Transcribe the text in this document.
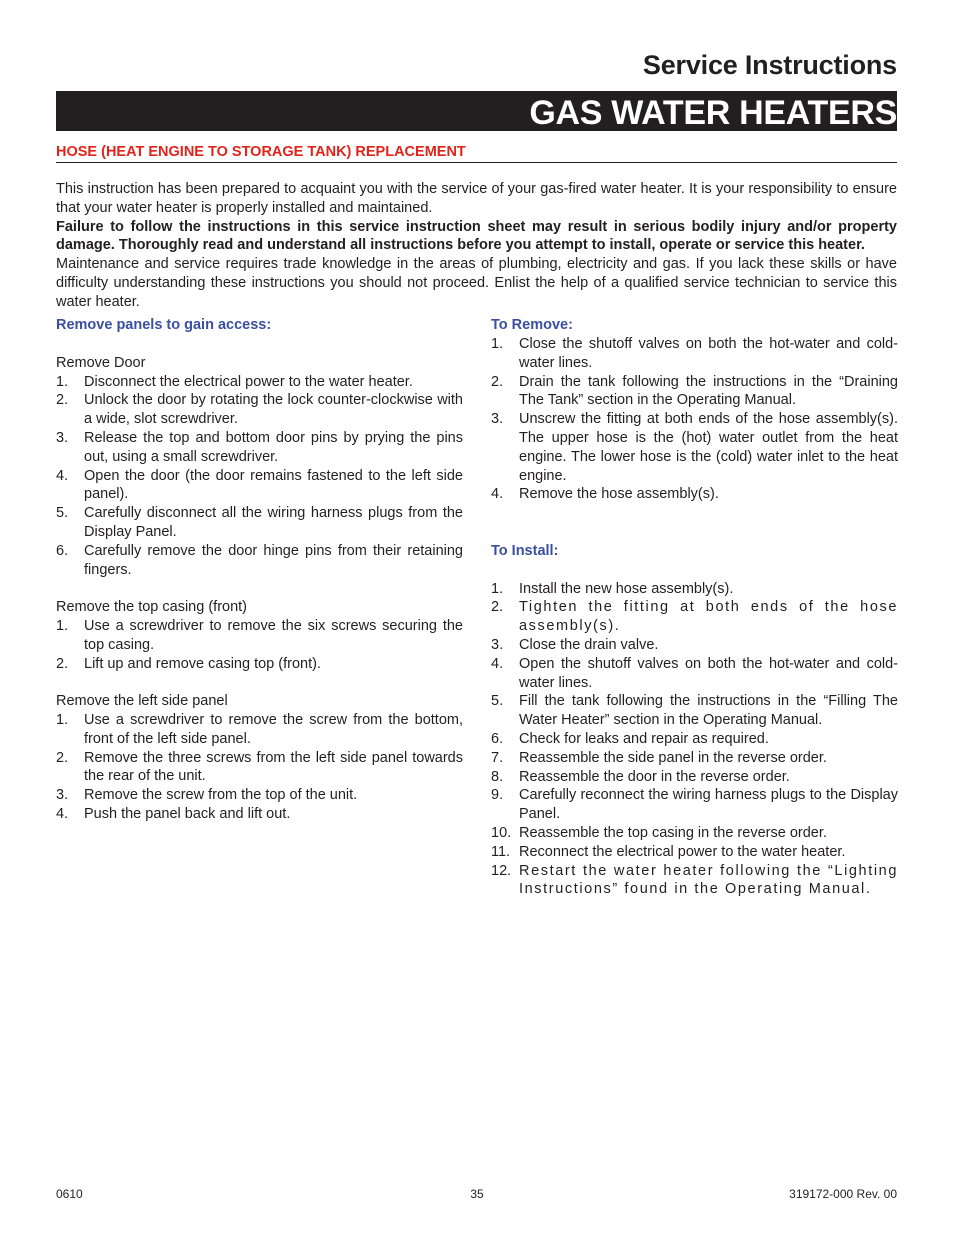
Service Instructions
GAS WATER HEATERS
HOSE (HEAT ENGINE TO STORAGE TANK) REPLACEMENT

This instruction has been prepared to acquaint you with the service of your gas-fired water heater. It is your responsibility to ensure that your water heater is properly installed and maintained.

Failure to follow the instructions in this service instruction sheet may result in serious bodily injury and/or property damage. Thoroughly read and understand all instructions before you attempt to install, operate or service this heater.

Maintenance and service requires trade knowledge in the areas of plumbing, electricity and gas. If you lack these skills or have difficulty understanding these instructions you should not proceed. Enlist the help of a qualified service technician to service this water heater.

Remove panels to gain access:

Remove Door

1.	Disconnect the electrical power to the water heater.
2.	Unlock the door by rotating the lock counter-clockwise with a wide, slot screwdriver.
3.	Release the top and bottom door pins by prying the pins out, using a small screwdriver.
4.	Open the door (the door remains fastened to the left side panel).
5.	Carefully disconnect all the wiring harness plugs from the Display Panel.
6.	Carefully remove the door hinge pins from their retaining fingers.

Remove the top casing (front)

1.	Use a screwdriver to remove the six screws securing the top casing.
2.	Lift up and remove casing top (front).

Remove the left side panel

1.	Use a screwdriver to remove the screw from the bottom, front of the left side panel.
2.	Remove the three screws from the left side panel towards the rear of the unit.
3.	Remove the screw from the top of the unit.
4.	Push the panel back and lift out.
To Remove:
1.	Close the shutoff valves on both the hot-water and cold-water lines.
2.	Drain the tank following the instructions in the “Draining The Tank” section in the Operating Manual.
3.	Unscrew the fitting at both ends of the hose assembly(s). The upper hose is the (hot) water outlet from the heat engine. The lower hose is the (cold) water inlet to the heat engine.
4.	Remove the hose assembly(s).
To Install:
1.	Install the new hose assembly(s).
2.	Tighten the fitting at both ends of the hose assembly(s).
3.	Close the drain valve.
4.	Open the shutoff valves on both the hot-water and cold-water lines.
5.	Fill the tank following the instructions in the “Filling The Water Heater” section in the Operating Manual.
6.	Check for leaks and repair as required.
7.	Reassemble the side panel in the reverse order.
8.	Reassemble the door in the reverse order.
9.	Carefully reconnect the wiring harness plugs to the Display Panel.
10. Reassemble the top casing in the reverse order.
11. Reconnect the electrical power to the water heater.
12. Restart the water heater following the “Lighting Instructions” found in the Operating Manual.
0610	35	319172-000 Rev. 00
